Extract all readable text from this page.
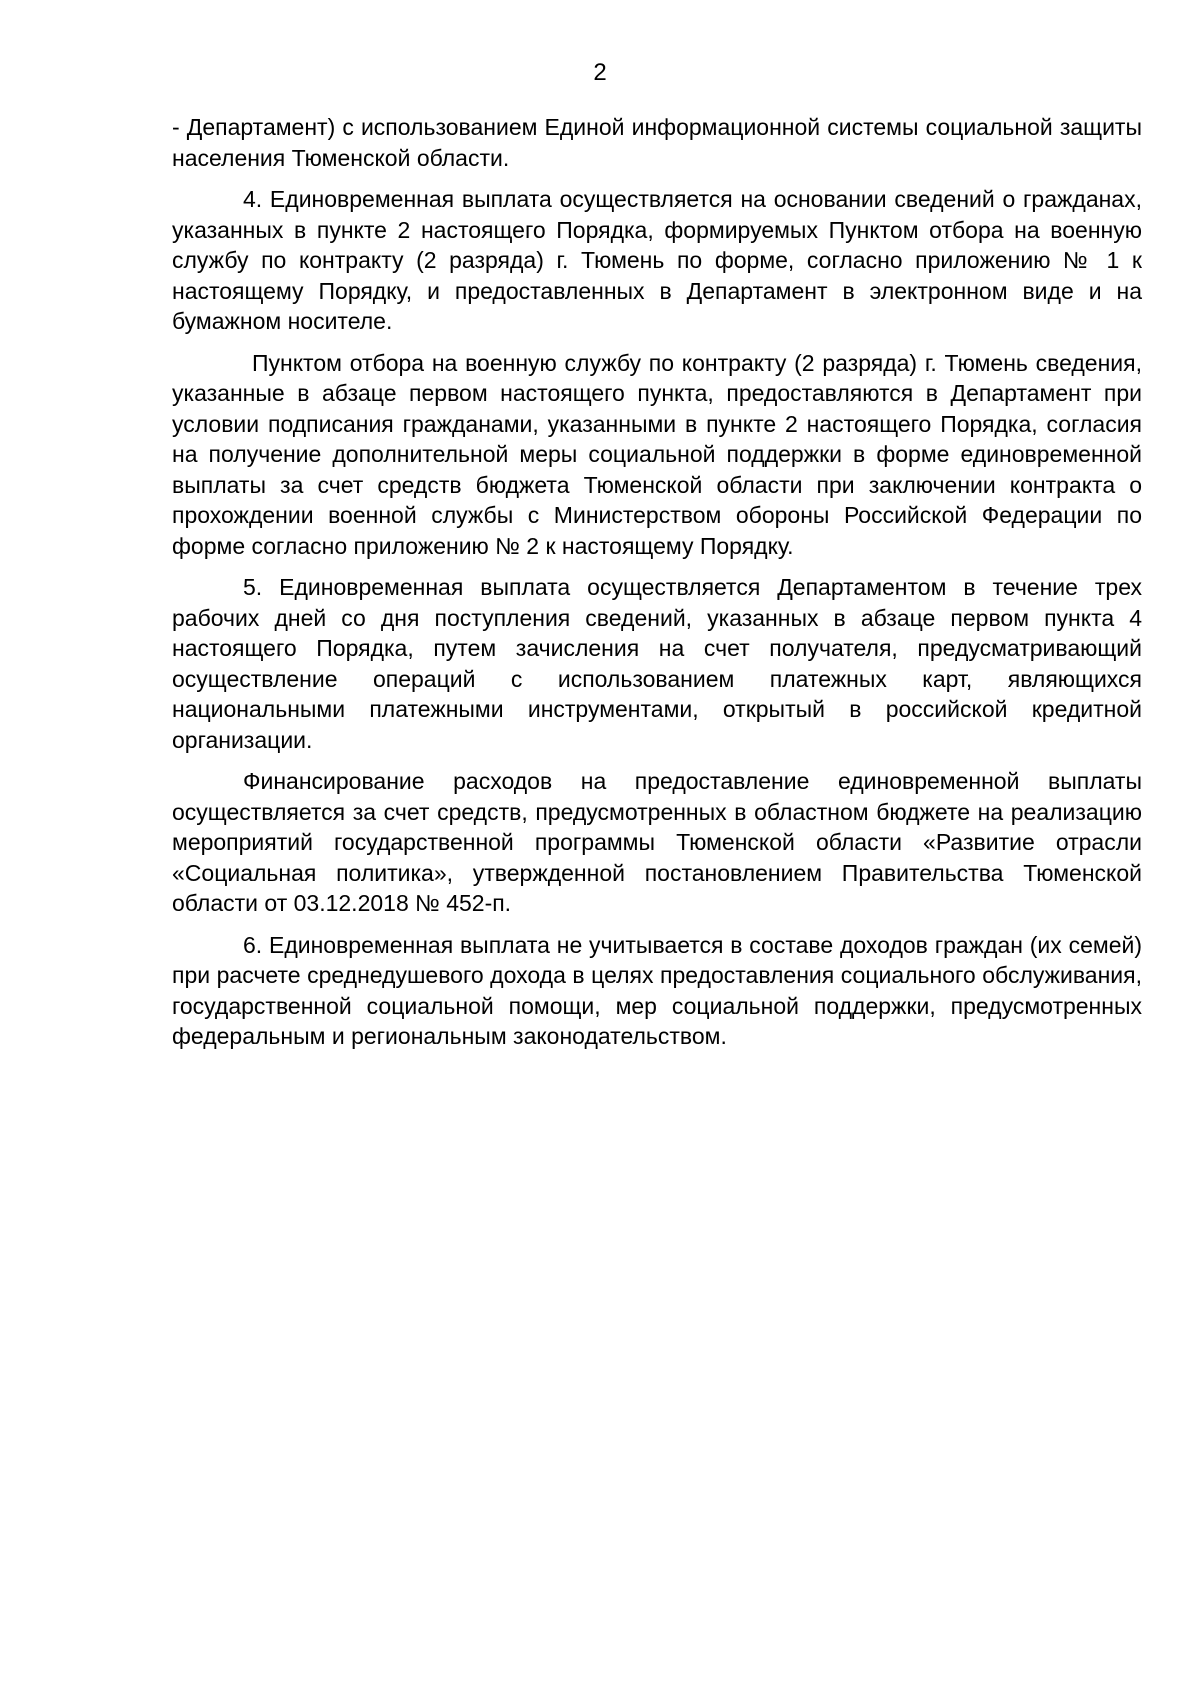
2

- Департамент) с использованием Единой информационной системы социальной защиты населения Тюменской области.

4. Единовременная выплата осуществляется на основании сведений о гражданах, указанных в пункте 2 настоящего Порядка, формируемых Пунктом отбора на военную службу по контракту (2 разряда) г. Тюмень по форме, согласно приложению № 1 к настоящему Порядку, и предоставленных в Департамент в электронном виде и на бумажном носителе.

Пунктом отбора на военную службу по контракту (2 разряда) г. Тюмень сведения, указанные в абзаце первом настоящего пункта, предоставляются в Департамент при условии подписания гражданами, указанными в пункте 2 настоящего Порядка, согласия на получение дополнительной меры социальной поддержки в форме единовременной выплаты за счет средств бюджета Тюменской области при заключении контракта о прохождении военной службы с Министерством обороны Российской Федерации по форме согласно приложению № 2 к настоящему Порядку.

5. Единовременная выплата осуществляется Департаментом в течение трех рабочих дней со дня поступления сведений, указанных в абзаце первом пункта 4 настоящего Порядка, путем зачисления на счет получателя, предусматривающий осуществление операций с использованием платежных карт, являющихся национальными платежными инструментами, открытый в российской кредитной организации.

Финансирование расходов на предоставление единовременной выплаты осуществляется за счет средств, предусмотренных в областном бюджете на реализацию мероприятий государственной программы Тюменской области «Развитие отрасли «Социальная политика», утвержденной постановлением Правительства Тюменской области от 03.12.2018 № 452-п.

6. Единовременная выплата не учитывается в составе доходов граждан (их семей) при расчете среднедушевого дохода в целях предоставления социального обслуживания, государственной социальной помощи, мер социальной поддержки, предусмотренных федеральным и региональным законодательством.
